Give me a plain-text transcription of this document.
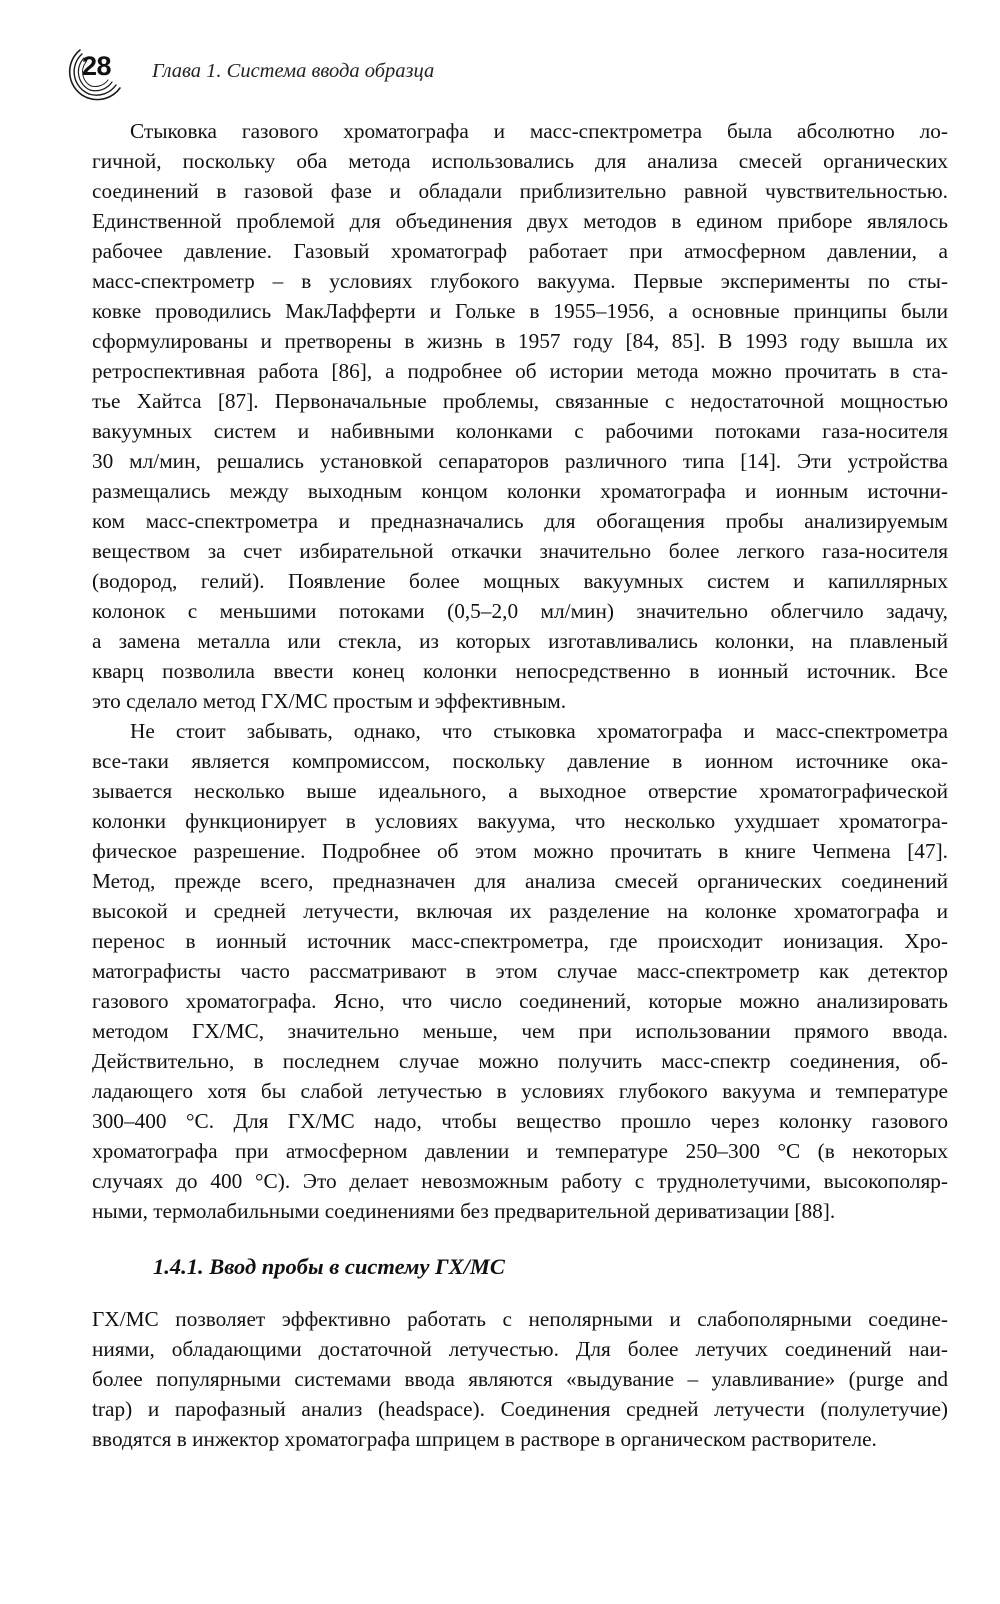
28 Глава 1. Система ввода образца
Стыковка газового хроматографа и масс-спектрометра была абсолютно ло-
гичной, поскольку оба метода использовались для анализа смесей органических
соединений в газовой фазе и обладали приблизительно равной чувствительностью.
Единственной проблемой для объединения двух методов в едином приборе являлось
рабочее давление. Газовый хроматограф работает при атмосферном давлении, а
масс-спектрометр – в условиях глубокого вакуума. Первые эксперименты по сты-
ковке проводились МакЛафферти и Гольке в 1955–1956, а основные принципы были
сформулированы и претворены в жизнь в 1957 году [84, 85]. В 1993 году вышла их
ретроспективная работа [86], а подробнее об истории метода можно прочитать в ста-
тье Хайтса [87]. Первоначальные проблемы, связанные с недостаточной мощностью
вакуумных систем и набивными колонками с рабочими потоками газа-носителя
30 мл/мин, решались установкой сепараторов различного типа [14]. Эти устройства
размещались между выходным концом колонки хроматографа и ионным источни-
ком масс-спектрометра и предназначались для обогащения пробы анализируемым
веществом за счет избирательной откачки значительно более легкого газа-носителя
(водород, гелий). Появление более мощных вакуумных систем и капиллярных
колонок с меньшими потоками (0,5–2,0 мл/мин) значительно облегчило задачу,
а замена металла или стекла, из которых изготавливались колонки, на плавленый
кварц позволила ввести конец колонки непосредственно в ионный источник. Все
это сделало метод ГХ/МС простым и эффективным.
Не стоит забывать, однако, что стыковка хроматографа и масс-спектрометра
все-таки является компромиссом, поскольку давление в ионном источнике ока-
зывается несколько выше идеального, а выходное отверстие хроматографической
колонки функционирует в условиях вакуума, что несколько ухудшает хроматогра-
фическое разрешение. Подробнее об этом можно прочитать в книге Чепмена [47].
Метод, прежде всего, предназначен для анализа смесей органических соединений
высокой и средней летучести, включая их разделение на колонке хроматографа и
перенос в ионный источник масс-спектрометра, где происходит ионизация. Хро-
матографисты часто рассматривают в этом случае масс-спектрометр как детектор
газового хроматографа. Ясно, что число соединений, которые можно анализировать
методом ГХ/МС, значительно меньше, чем при использовании прямого ввода.
Действительно, в последнем случае можно получить масс-спектр соединения, об-
ладающего хотя бы слабой летучестью в условиях глубокого вакуума и температуре
300–400 °С. Для ГХ/МС надо, чтобы вещество прошло через колонку газового
хроматографа при атмосферном давлении и температуре 250–300 °С (в некоторых
случаях до 400 °С). Это делает невозможным работу с труднолетучими, высокополяр-
ными, термолабильными соединениями без предварительной дериватизации [88].
1.4.1. Ввод пробы в систему ГХ/МС
ГХ/МС позволяет эффективно работать с неполярными и слабополярными соедине-
ниями, обладающими достаточной летучестью. Для более летучих соединений наи-
более популярными системами ввода являются «выдувание – улавливание» (purge and
trap) и парофазный анализ (headspace). Соединения средней летучести (полулетучие)
вводятся в инжектор хроматографа шприцем в растворе в органическом растворителе.
